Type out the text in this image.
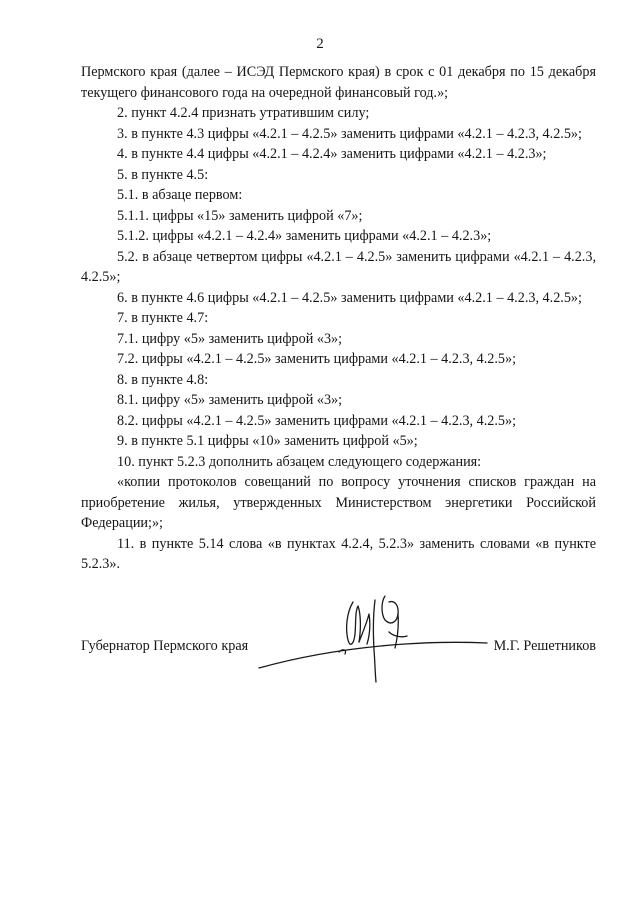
2

Пермского края (далее – ИСЭД Пермского края) в срок с 01 декабря по 15 декабря текущего финансового года на очередной финансовый год.»;

2. пункт 4.2.4 признать утратившим силу;

3. в пункте 4.3 цифры «4.2.1 – 4.2.5» заменить цифрами «4.2.1 – 4.2.3, 4.2.5»;

4. в пункте 4.4 цифры «4.2.1 – 4.2.4» заменить цифрами «4.2.1 – 4.2.3»;

5. в пункте 4.5:

5.1. в абзаце первом:

5.1.1. цифры «15» заменить цифрой «7»;

5.1.2. цифры «4.2.1 – 4.2.4» заменить цифрами «4.2.1 – 4.2.3»;

5.2. в абзаце четвертом цифры «4.2.1 – 4.2.5» заменить цифрами «4.2.1 – 4.2.3, 4.2.5»;

6. в пункте 4.6 цифры «4.2.1 – 4.2.5» заменить цифрами «4.2.1 – 4.2.3, 4.2.5»;

7. в пункте 4.7:

7.1. цифру «5» заменить цифрой «3»;

7.2. цифры «4.2.1 – 4.2.5» заменить цифрами «4.2.1 – 4.2.3, 4.2.5»;

8. в пункте 4.8:

8.1. цифру «5» заменить цифрой «3»;

8.2. цифры «4.2.1 – 4.2.5» заменить цифрами «4.2.1 – 4.2.3, 4.2.5»;

9. в пункте 5.1 цифры «10» заменить цифрой «5»;

10. пункт 5.2.3 дополнить абзацем следующего содержания:

«копии протоколов совещаний по вопросу уточнения списков граждан на приобретение жилья, утвержденных Министерством энергетики Российской Федерации;»;

11. в пункте 5.14 слова «в пунктах 4.2.4, 5.2.3» заменить словами «в пункте 5.2.3».

Губернатор Пермского края	М.Г. Решетников
